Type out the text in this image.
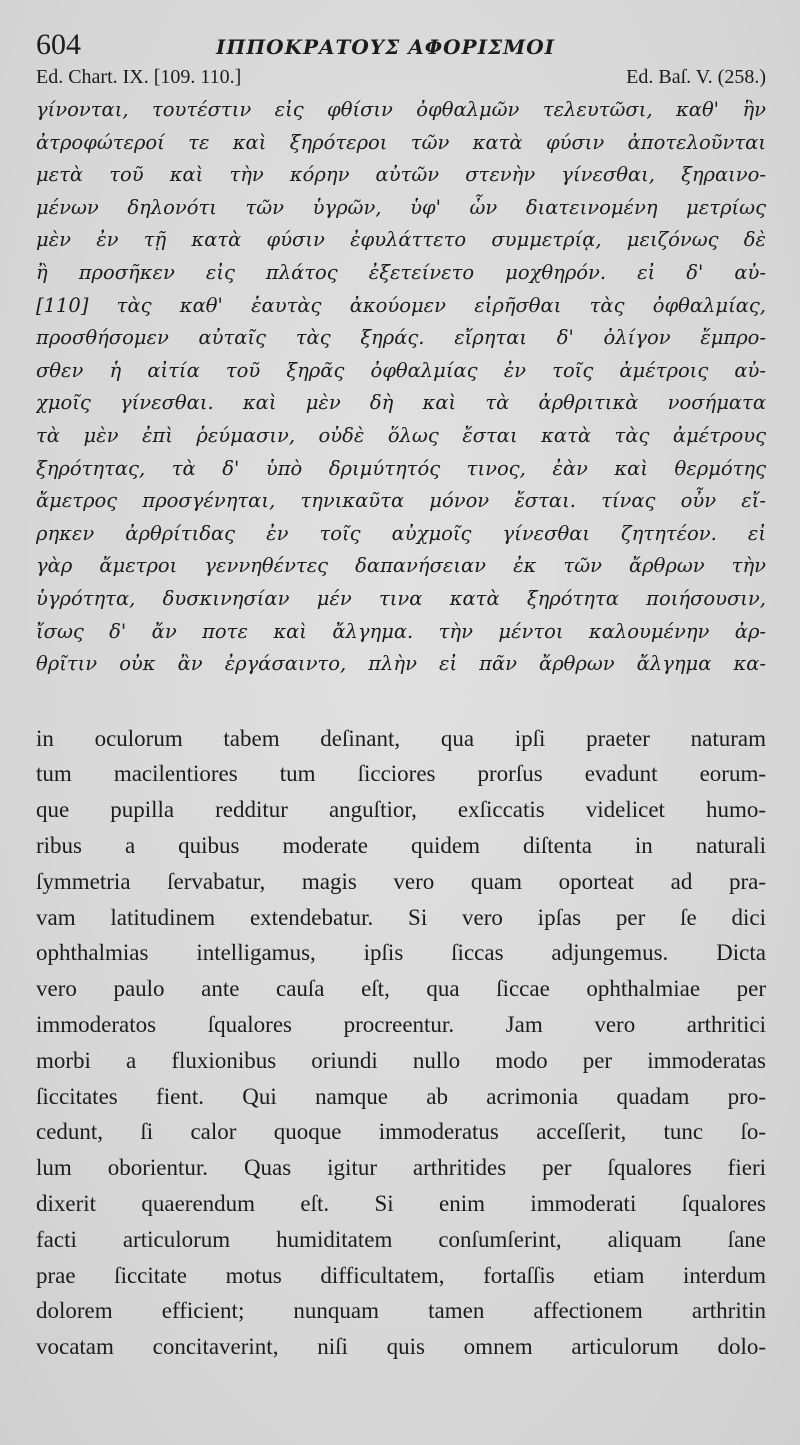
604	ΙΠΠΟΚΡΑΤΟΥΣ ΑΦΟΡΙΣΜΟΙ
Ed. Chart. IX. [109. 110.]	Ed. Baſ. V. (258.)
γίνονται, τουτέστιν εἰς φθίσιν ὀφθαλμῶν τελευτῶσι, καθ' ἣν
ἀτροφώτεροί τε καὶ ξηρότεροι τῶν κατὰ φύσιν ἀποτελοῦνται
μετὰ τοῦ καὶ τὴν κόρην αὐτῶν στενὴν γίνεσθαι, ξηραινο-
μένων δηλονότι τῶν ὑγρῶν, ὑφ' ὧν διατεινομένη μετρίως
μὲν ἐν τῇ κατὰ φύσιν ἐφυλάττετο συμμετρίᾳ, μειζόνως δὲ
ἢ προσῆκεν εἰς πλάτος ἐξετείνετο μοχθηρόν. εἰ δ' αὐ-
[110] τὰς καθ' ἑαυτὰς ἀκούομεν εἰρῆσθαι τὰς ὀφθαλμίας,
προσθήσομεν αὐταῖς τὰς ξηράς. εἴρηται δ' ὀλίγον ἔμπρο-
σθεν ἡ αἰτία τοῦ ξηρᾶς ὀφθαλμίας ἐν τοῖς ἀμέτροις αὐ-
χμοῖς γίνεσθαι. καὶ μὲν δὴ καὶ τὰ ἀρθριτικὰ νοσήματα
τὰ μὲν ἐπὶ ῥεύμασιν, οὐδὲ ὅλως ἔσται κατὰ τὰς ἀμέτρους
ξηρότητας, τὰ δ' ὑπὸ δριμύτητός τινος, ἐὰν καὶ θερμότης
ἄμετρος προσγένηται, τηνικαῦτα μόνον ἔσται. τίνας οὖν εἴ-
ρηκεν ἀρθρίτιδας ἐν τοῖς αὐχμοῖς γίνεσθαι ζητητέον. εἰ
γὰρ ἄμετροι γεννηθέντες δαπανήσειαν ἐκ τῶν ἄρθρων τὴν
ὑγρότητα, δυσκινησίαν μέν τινα κατὰ ξηρότητα ποιήσουσιν,
ἴσως δ' ἄν ποτε καὶ ἄλγημα. τὴν μέντοι καλουμένην ἀρ-
θρῖτιν οὐκ ἂν ἐργάσαιντο, πλὴν εἰ πᾶν ἄρθρων ἄλγημα κα-
in oculorum tabem deſinant, qua ipſi praeter naturam
tum macilentiores tum ſicciores prorſus evadunt eorum-
que pupilla redditur anguſtior, exſiccatis videlicet humo-
ribus a quibus moderate quidem diſtenta in naturali
ſymmetria ſervabatur, magis vero quam oporteat ad pra-
vam latitudinem extendebatur. Si vero ipſas per ſe dici
ophthalmias intelligamus, ipſis ſiccas adjungemus. Dicta
vero paulo ante cauſa eſt, qua ſiccae ophthalmiae per
immoderatos ſqualores procreentur. Jam vero arthritici
morbi a fluxionibus oriundi nullo modo per immoderatas
ſiccitates fient. Qui namque ab acrimonia quadam pro-
cedunt, ſi calor quoque immoderatus acceſſerit, tunc ſo-
lum oborientur. Quas igitur arthritides per ſqualores fieri
dixerit quaerendum eſt. Si enim immoderati ſqualores
facti articulorum humiditatem conſumſerint, aliquam ſane
prae ſiccitate motus difficultatem, fortaſſis etiam interdum
dolorem efficient; nunquam tamen affectionem arthritin
vocatam concitaverint, niſi quis omnem articulorum dolo-
